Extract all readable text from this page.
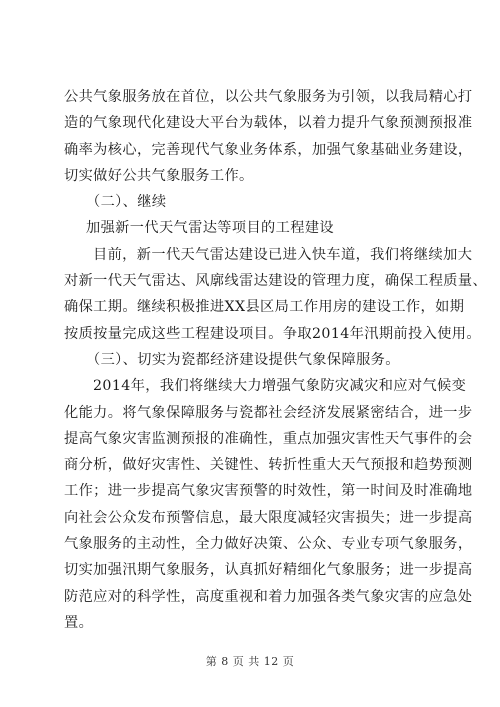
公共气象服务放在首位，以公共气象服务为引领，以我局精心打
造的气象现代化建设大平台为载体，以着力提升气象预测预报准
确率为核心，完善现代气象业务体系，加强气象基础业务建设，
切实做好公共气象服务工作。

（二）、继续

加强新一代天气雷达等项目的工程建设

目前，新一代天气雷达建设已进入快车道，我们将继续加大
对新一代天气雷达、风廓线雷达建设的管理力度，确保工程质量、
确保工期。继续积极推进XX县区局工作用房的建设工作，如期
按质按量完成这些工程建设项目。争取2014年汛期前投入使用。

（三）、切实为瓷都经济建设提供气象保障服务。

2014年，我们将继续大力增强气象防灾减灾和应对气候变
化能力。将气象保障服务与瓷都社会经济发展紧密结合，进一步
提高气象灾害监测预报的准确性，重点加强灾害性天气事件的会
商分析，做好灾害性、关键性、转折性重大天气预报和趋势预测
工作；进一步提高气象灾害预警的时效性，第一时间及时准确地
向社会公众发布预警信息，最大限度减轻灾害损失；进一步提高
气象服务的主动性，全力做好决策、公众、专业专项气象服务，
切实加强汛期气象服务，认真抓好精细化气象服务；进一步提高
防范应对的科学性，高度重视和着力加强各类气象灾害的应急处
置。

第 8 页 共 12 页
